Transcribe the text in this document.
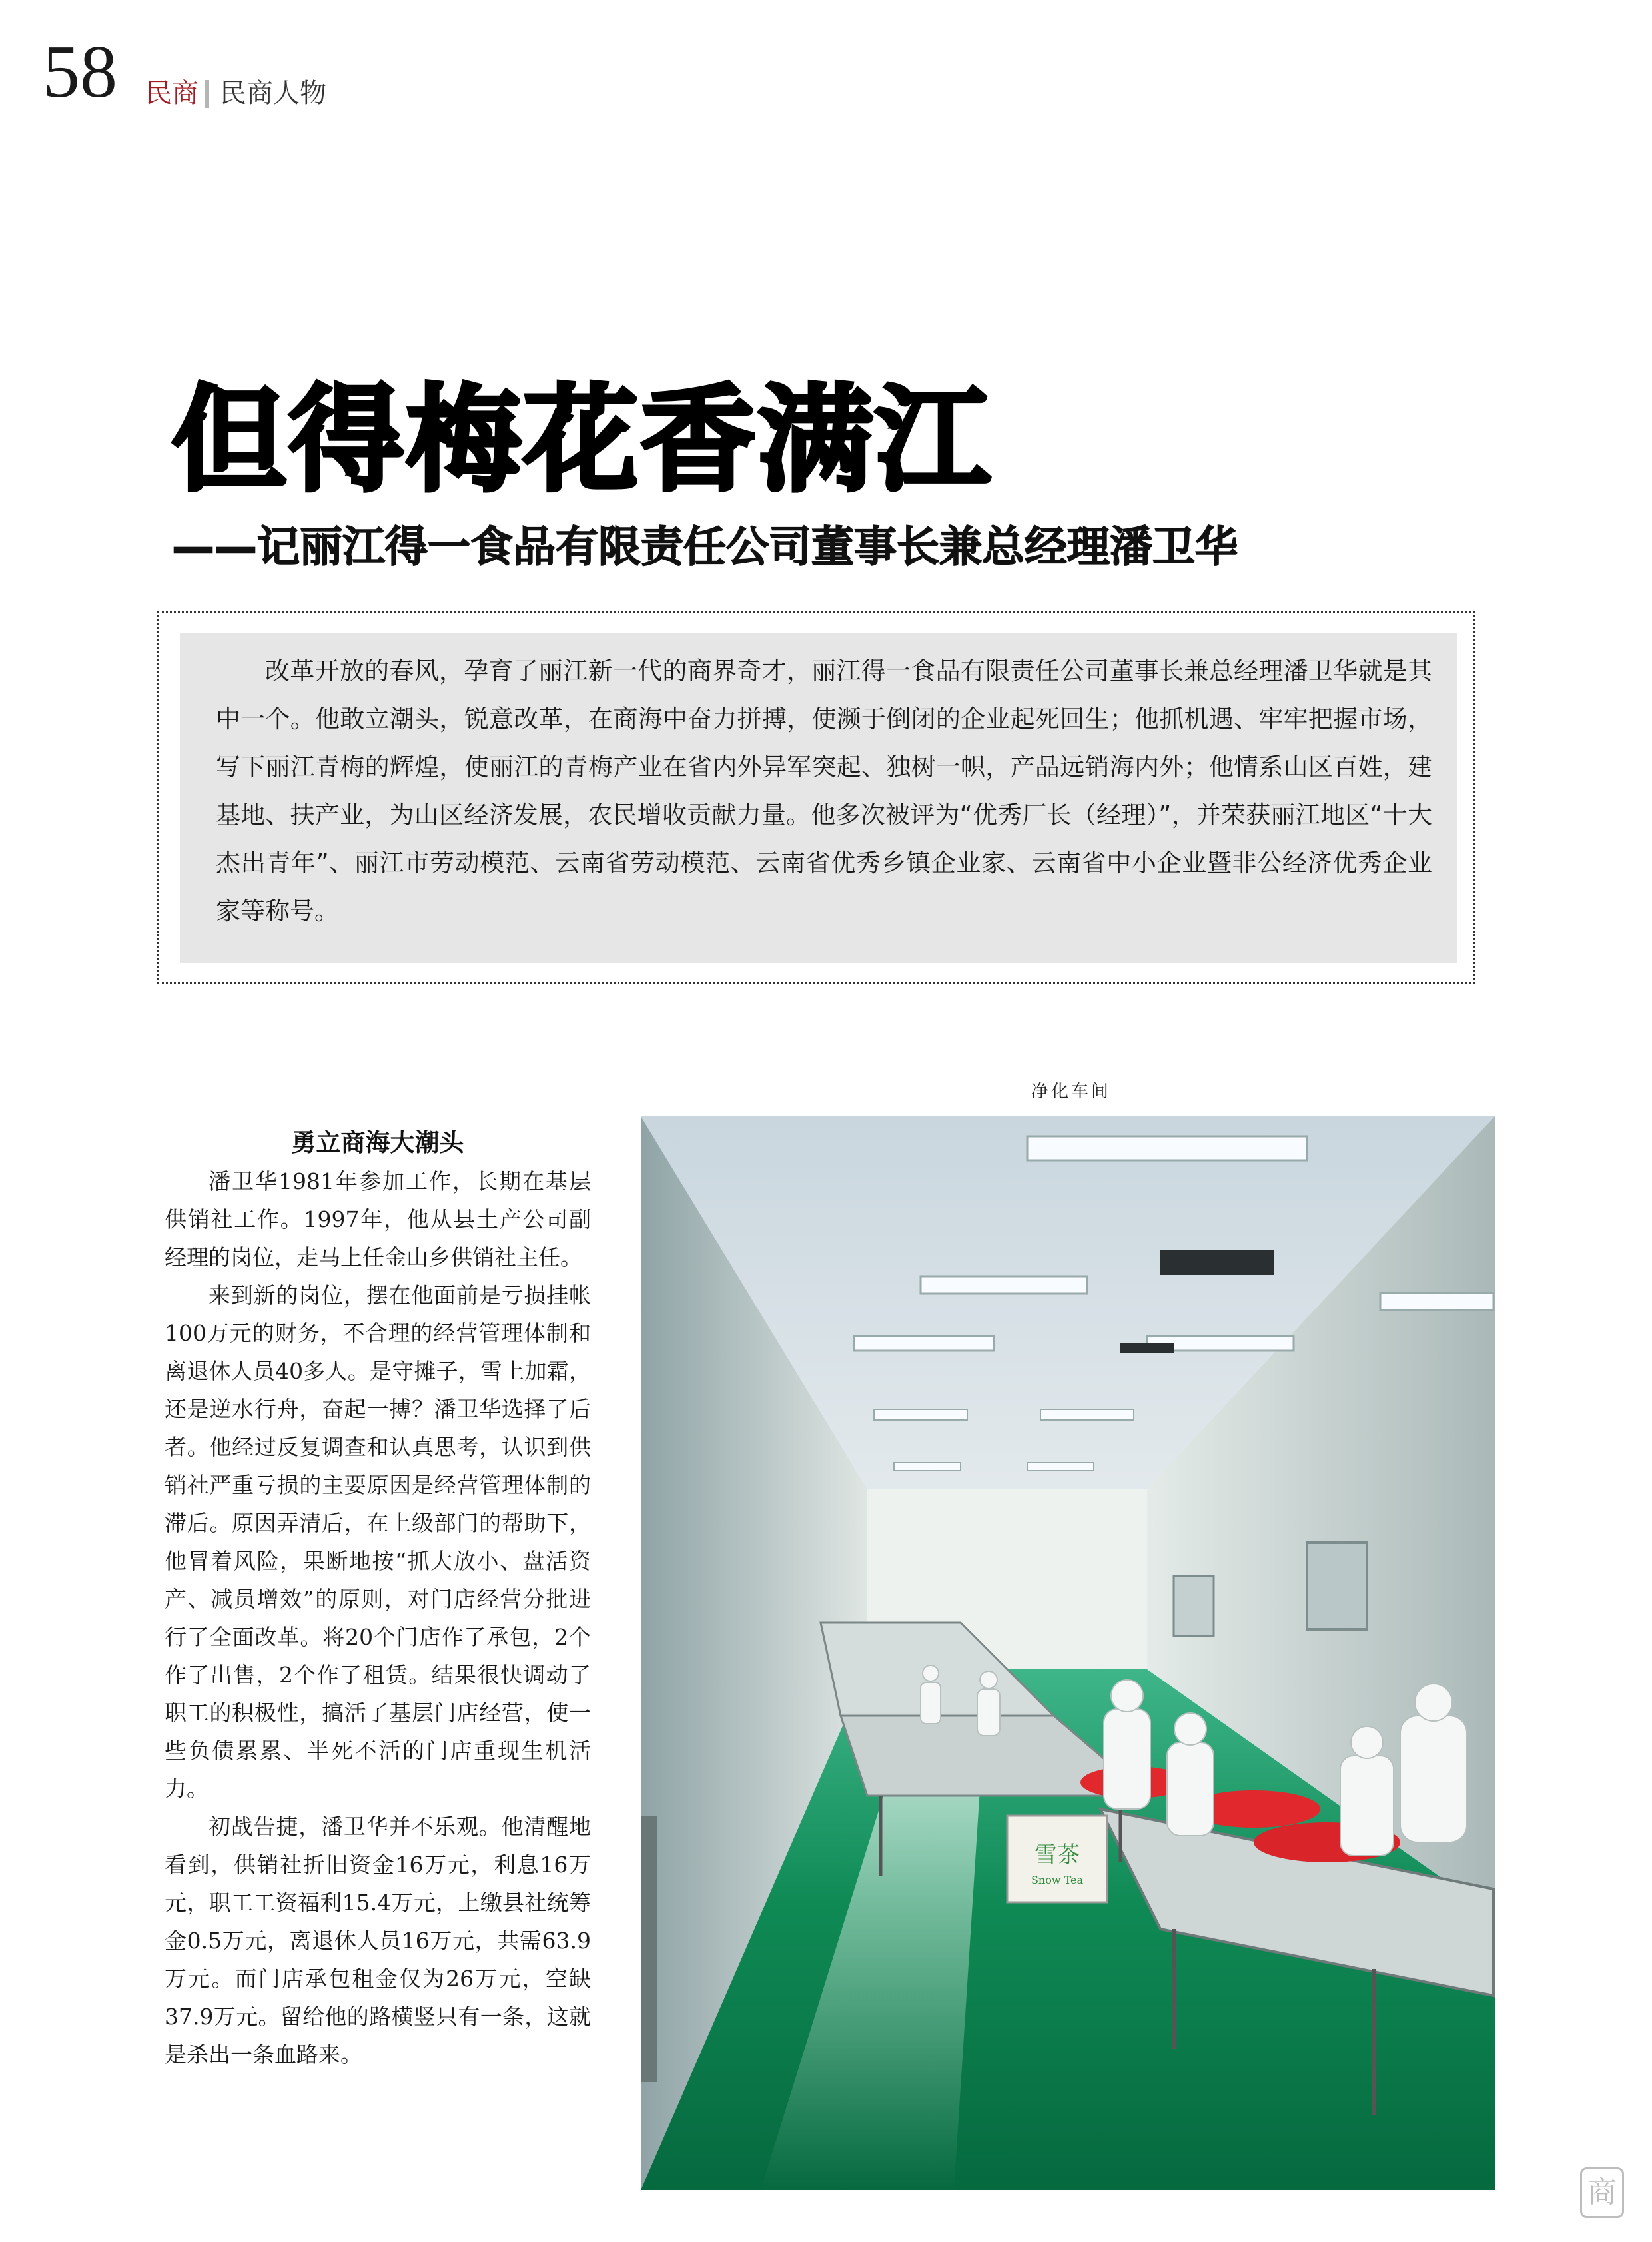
58 民商 民商人物
但得梅花香满江
——记丽江得一食品有限责任公司董事长兼总经理潘卫华
改革开放的春风，孕育了丽江新一代的商界奇才，丽江得一食品有限责任公司董事长兼总经理潘卫华就是其中一个。他敢立潮头，锐意改革，在商海中奋力拼搏，使濒于倒闭的企业起死回生；他抓机遇、牢牢把握市场，写下丽江青梅的辉煌，使丽江的青梅产业在省内外异军突起、独树一帜，产品远销海内外；他情系山区百姓，建基地、扶产业，为山区经济发展，农民增收贡献力量。他多次被评为“优秀厂长（经理）”，并荣获丽江地区“十大杰出青年”、丽江市劳动模范、云南省劳动模范、云南省优秀乡镇企业家、云南省中小企业暨非公经济优秀企业家等称号。
勇立商海大潮头

潘卫华1981年参加工作，长期在基层供销社工作。1997年，他从县土产公司副经理的岗位，走马上任金山乡供销社主任。

来到新的岗位，摆在他面前是亏损挂帐100万元的财务，不合理的经营管理体制和离退休人员40多人。是守摊子，雪上加霜，还是逆水行舟，奋起一搏？潘卫华选择了后者。他经过反复调查和认真思考，认识到供销社严重亏损的主要原因是经营管理体制的滞后。原因弄清后，在上级部门的帮助下，他冒着风险，果断地按“抓大放小、盘活资产、减员增效”的原则，对门店经营分批进行了全面改革。将20个门店作了承包，2个作了出售，2个作了租赁。结果很快调动了职工的积极性，搞活了基层门店经营，使一些负债累累、半死不活的门店重现生机活力。

初战告捷，潘卫华并不乐观。他清醒地看到，供销社折旧资金16万元，利息16万元，职工工资福利15.4万元，上缴县社统筹金0.5万元，离退休人员16万元，共需63.9万元。而门店承包租金仅为26万元，空缺37.9万元。留给他的路横竖只有一条，这就是杀出一条血路来。

净化车间
雪茶
Snow Tea
商
